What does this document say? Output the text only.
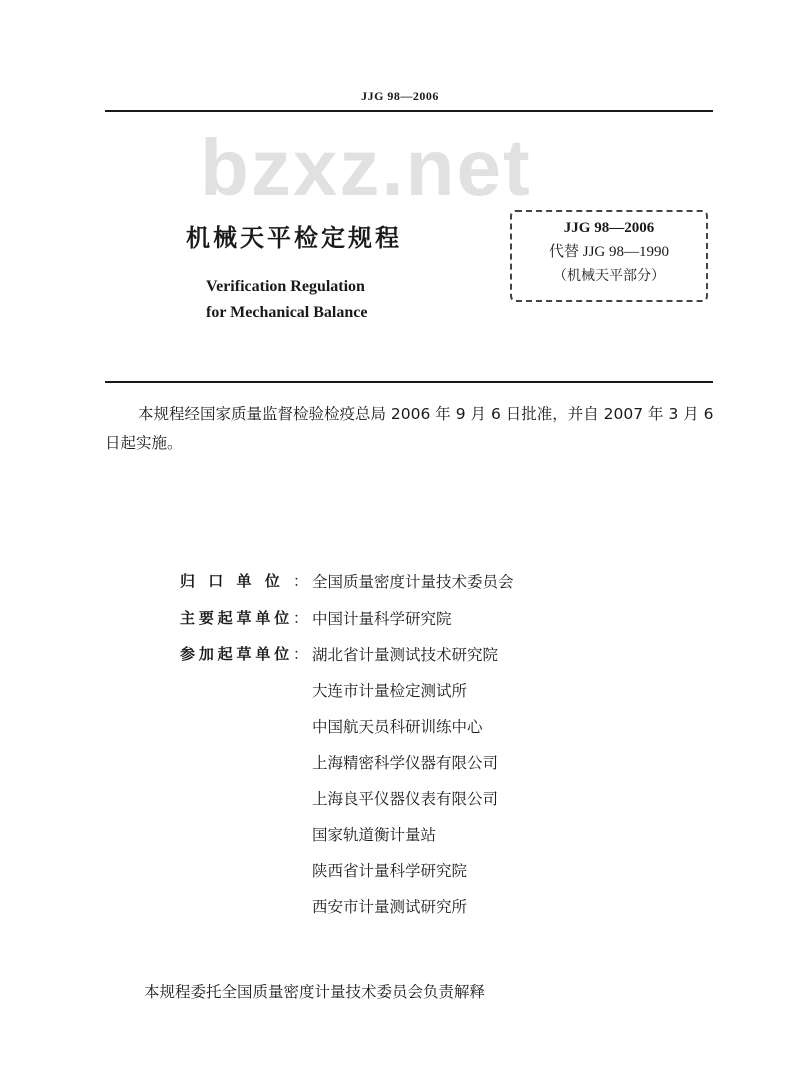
JJG 98—2006
bzxz.net
机械天平检定规程
Verification Regulation
for Mechanical Balance
JJG 98—2006
代替 JJG 98—1990
（机械天平部分）
本规程经国家质量监督检验检疫总局 2006 年 9 月 6 日批准，并自 2007 年 3 月 6 日起实施。
归 口 单 位 ： 全国质量密度计量技术委员会
主 要 起 草 单 位 ： 中国计量科学研究院
参 加 起 草 单 位 ： 湖北省计量测试技术研究院
大连市计量检定测试所
中国航天员科研训练中心
上海精密科学仪器有限公司
上海良平仪器仪表有限公司
国家轨道衡计量站
陕西省计量科学研究院
西安市计量测试研究所
本规程委托全国质量密度计量技术委员会负责解释
